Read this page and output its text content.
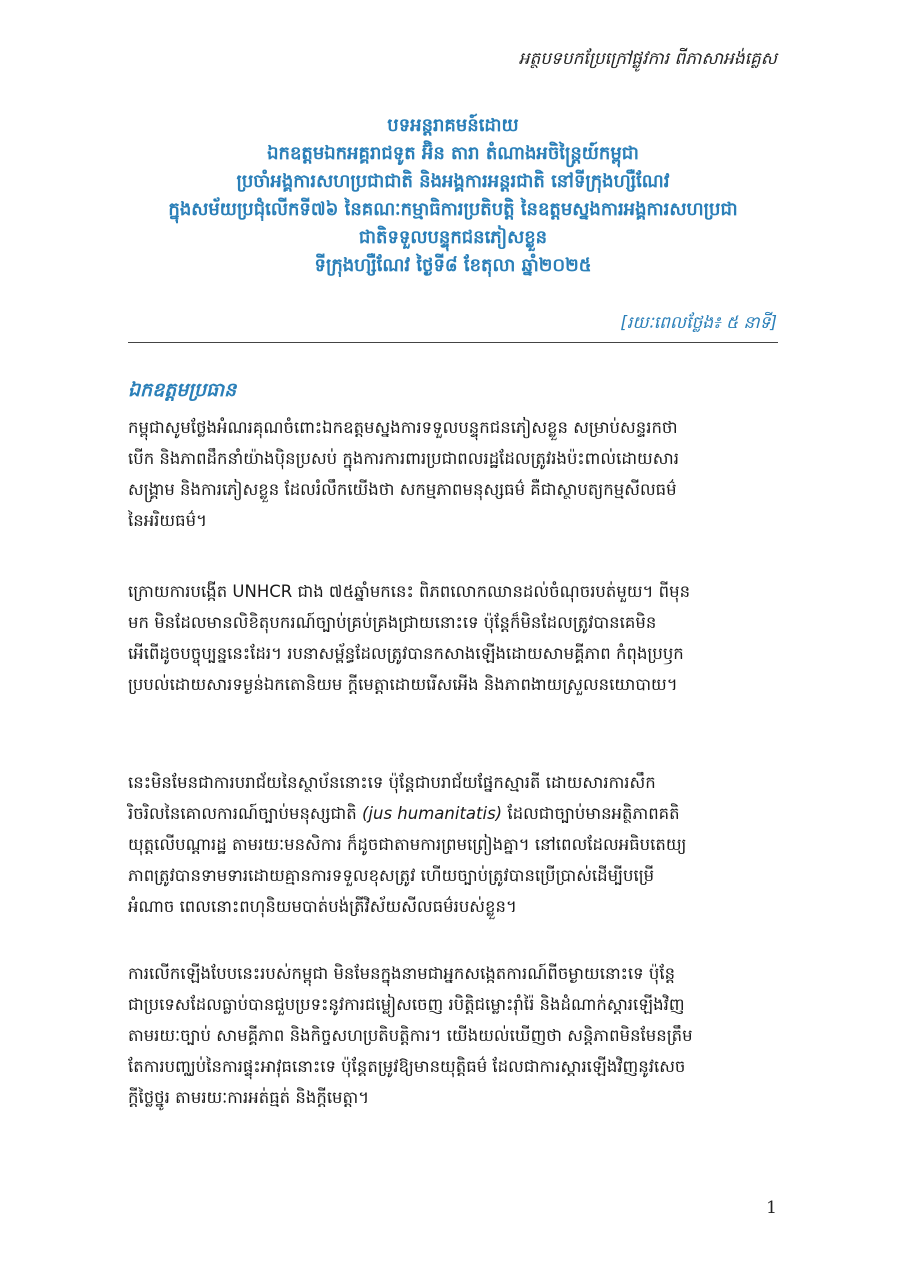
អត្ថបទបកប្រែក្រៅផ្លូវការ ពីភាសាអង់គ្លេស
បទអន្តរាគមន៍ដោយ
ឯកឧត្តមឯកអគ្គរាជទូត អ៊ិន តារា តំណាងអចិន្ត្រៃយ៍កម្ពុជា
ប្រចាំអង្គការសហប្រជាជាតិ និងអង្គការអន្តរជាតិ នៅទីក្រុងហ្សឺណែវ
ក្នុងសម័យប្រជុំលើកទី៧៦ នៃគណៈកម្មាធិការប្រតិបត្តិ នៃឧត្តមស្នងការអង្គការសហប្រជា
ជាតិទទួលបន្ទុកជនភៀសខ្លួន
ទីក្រុងហ្សឺណែវ ថ្ងៃទី៨ ខែតុលា ឆ្នាំ២០២៥
[រយៈពេលថ្លែង៖ ៥ នាទី]
ឯកឧត្តមប្រធាន
កម្ពុជាសូមថ្លែងអំណរគុណចំពោះឯកឧត្តមស្នងការទទួលបន្ទុកជនភៀសខ្លួន សម្រាប់សន្ទរកថា
បើក និងភាពដឹកនាំយ៉ាងប៉ិនប្រសប់ ក្នុងការការពារប្រជាពលរដ្ឋដែលត្រូវរងប៉ះពាល់ដោយសារ
សង្គ្រាម និងការភៀសខ្លួន ដែលរំលឹកយើងថា សកម្មភាពមនុស្សធម៌ គឺជាស្ថាបត្យកម្មសីលធម៌
នៃអរិយធម៌។
ក្រោយការបង្កើត UNHCR ជាង ៧៥ឆ្នាំមកនេះ ពិភពលោកឈានដល់ចំណុចរបត់មួយ។ ពីមុន
មក មិនដែលមានលិខិតុបករណ៍ច្បាប់គ្រប់គ្រងជ្រាយនោះទេ ប៉ុន្តែក៏មិនដែលត្រូវបានគេមិន
អើពើដូចបច្ចុប្បន្ននេះដែរ។ របនាសម្ព័ន្ធដែលត្រូវបានកសាងឡើងដោយសាមគ្គីភាព កំពុងប្រឫក
ប្របល់ដោយសារទម្ងន់ឯកតោនិយម ក្ដីមេត្តាដោយរើសអើង និងភាពងាយស្រួលនយោបាយ។
នេះមិនមែនជាការបរាជ័យនៃស្ថាប័ននោះទេ ប៉ុន្តែជាបរាជ័យផ្នែកស្មារតី ដោយសារការសឹក
រិចរិលនៃគោលការណ៍ច្បាប់មនុស្សជាតិ (jus humanitatis) ដែលជាច្បាប់មានអត្ថិភាពគតិ
យុត្តលើបណ្ដារដ្ឋ តាមរយៈមនសិការ ក៏ដូចជាតាមការព្រមព្រៀងគ្នា។ នៅពេលដែលអធិបតេយ្យ
ភាពត្រូវបានទាមទារដោយគ្មានការទទួលខុសត្រូវ ហើយច្បាប់ត្រូវបានប្រើប្រាស់ដើម្បីបម្រើ
អំណាច ពេលនោះពហុនិយមបាត់បង់ត្រីវិស័យសីលធម៌របស់ខ្លួន។
ការលើកឡើងបែបនេះរបស់កម្ពុជា មិនមែនក្នុងនាមជាអ្នកសង្កេតការណ៍ពីចម្ងាយនោះទេ ប៉ុន្តែ
ជាប្រទេសដែលធ្លាប់បានជួបប្រទះនូវការជម្លៀសចេញ របិត្តិជម្លោះរ៉ាំរ៉ៃ និងដំណាក់ស្ដារឡើងវិញ
តាមរយៈច្បាប់ សាមគ្គីភាព និងកិច្ចសហប្រតិបត្តិការ។ យើងយល់ឃើញថា សន្តិភាពមិនមែនត្រឹម
តែការបញ្ឈប់នៃការផ្ទុះអាវុធនោះទេ ប៉ុន្តែតម្រូវឱ្យមានយុត្តិធម៌ ដែលជាការស្ដារឡើងវិញនូវសេច
ក្ដីថ្លៃថ្នូរ តាមរយៈការអត់ធ្មត់ និងក្ដីមេត្តា។
1
